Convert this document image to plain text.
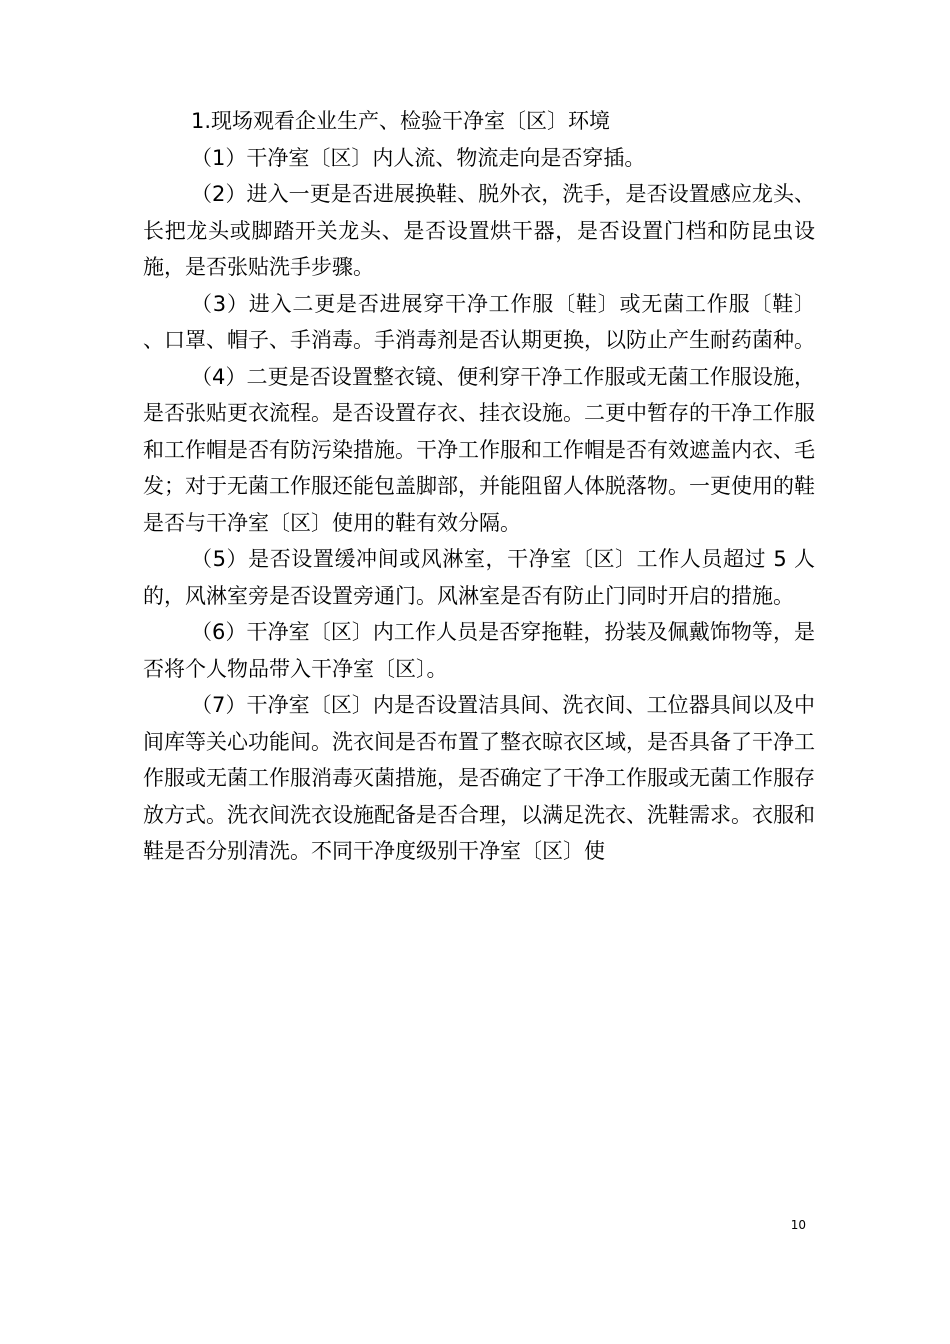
1.现场观看企业生产、检验干净室〔区〕环境

（1）干净室〔区〕内人流、物流走向是否穿插。

（2）进入一更是否进展换鞋、脱外衣，洗手，是否设置感应龙头、长把龙头或脚踏开关龙头、是否设置烘干器，是否设置门档和防昆虫设施，是否张贴洗手步骤。

（3）进入二更是否进展穿干净工作服〔鞋〕或无菌工作服〔鞋〕 、口罩、帽子、手消毒。手消毒剂是否认期更换，以防止产生耐药菌种。

（4）二更是否设置整衣镜、便利穿干净工作服或无菌工作服设施，是否张贴更衣流程。是否设置存衣、挂衣设施。二更中暂存的干净工作服和工作帽是否有防污染措施。干净工作服和工作帽是否有效遮盖内衣、毛发；对于无菌工作服还能包盖脚部，并能阻留人体脱落物。一更使用的鞋是否与干净室〔区〕使用的鞋有效分隔。

（5）是否设置缓冲间或风淋室，干净室〔区〕工作人员超过 5 人的，风淋室旁是否设置旁通门。风淋室是否有防止门同时开启的措施。

（6）干净室〔区〕内工作人员是否穿拖鞋，扮装及佩戴饰物等，是否将个人物品带入干净室〔区〕。

（7）干净室〔区〕内是否设置洁具间、洗衣间、工位器具间以及中间库等关心功能间。洗衣间是否布置了整衣晾衣区域，是否具备了干净工作服或无菌工作服消毒灭菌措施，是否确定了干净工作服或无菌工作服存放方式。洗衣间洗衣设施配备是否合理，以满足洗衣、洗鞋需求。衣服和鞋是否分别清洗。不同干净度级别干净室〔区〕使

10
